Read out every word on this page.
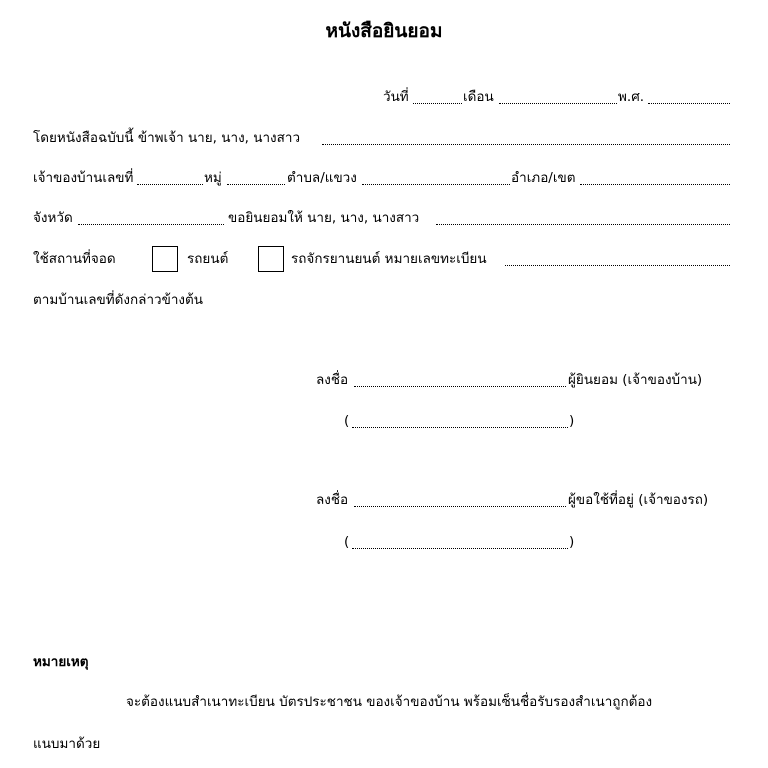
หนังสือยินยอม
วันที่	เดือน	พ.ศ.
โดยหนังสือฉบับนี้ ข้าพเจ้า นาย, นาง, นางสาว
เจ้าของบ้านเลขที่	หมู่	ตำบล/แขวง	อำเภอ/เขต
จังหวัด	ขอยินยอมให้ นาย, นาง, นางสาว
ใช้สถานที่จอด	รถยนต์	รถจักรยานยนต์ หมายเลขทะเบียน
ตามบ้านเลขที่ดังกล่าวข้างต้น
ลงชื่อ	ผู้ยินยอม (เจ้าของบ้าน)
(	)
ลงชื่อ	ผู้ขอใช้ที่อยู่ (เจ้าของรถ)
(	)
หมายเหตุ
จะต้องแนบสำเนาทะเบียน บัตรประชาชน ของเจ้าของบ้าน พร้อมเซ็นชื่อรับรองสำเนาถูกต้อง
แนบมาด้วย
